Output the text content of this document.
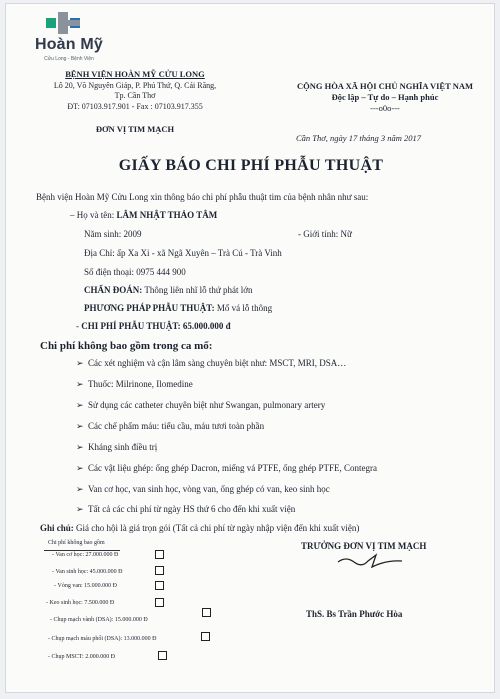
Hoàn Mỹ
Cửu Long - Bệnh Viện
BỆNH VIỆN HOÀN MỸ CỬU LONG
Lô 20, Võ Nguyên Giáp, P. Phú Thứ, Q. Cái Răng,
Tp. Cần Thơ
ĐT: 07103.917.901 - Fax : 07103.917.355
ĐƠN VỊ TIM MẠCH
CỘNG HÒA XÃ HỘI CHỦ NGHĨA VIỆT NAM
Độc lập – Tự do – Hạnh phúc
---o0o---
Cần Thơ, ngày 17 tháng 3 năm 2017
GIẤY BÁO CHI PHÍ PHẪU THUẬT
Bệnh viện Hoàn Mỹ Cửu Long xin thông báo chi phí phẫu thuật tim của bệnh nhân như sau:
– Họ và tên: LÂM NHẬT THẢO TÂM
Năm sinh: 2009	- Giới tính: Nữ
Địa Chỉ: ấp Xa Xi - xã Ngã Xuyên – Trà Cú - Trà Vinh
Số điện thoại: 0975 444 900
CHẨN ĐOÁN: Thông liên nhĩ lỗ thứ phát lớn
PHƯƠNG PHÁP PHẪU THUẬT: Mổ vá lỗ thông
- CHI PHÍ PHẪU THUẬT: 65.000.000 đ
Chi phí không bao gồm trong ca mổ:
➢  Các xét nghiệm và cận lâm sàng chuyên biệt như: MSCT, MRI, DSA…
➢  Thuốc: Milrinone, Ilomedine
➢  Sử dụng các catheter chuyên biệt như Swangan, pulmonary artery
➢  Các chế phẩm máu: tiểu cầu, máu tươi toàn phần
➢  Kháng sinh điều trị
➢  Các vật liệu ghép: ống ghép Dacron, miếng vá PTFE, ống ghép PTFE, Contegra
➢  Van cơ học, van sinh học, vòng van, ống ghép có van, keo sinh học
➢  Tất cả các chi phí từ ngày HS thứ 6 cho đến khi xuất viện
Ghi chú: Giá cho hội là giá trọn gói (Tất cả chi phí từ ngày nhập viện đến khi xuất viện)
TRƯỞNG ĐƠN VỊ TIM MẠCH
ThS. Bs Trần Phước Hòa
Chi phí không bao gồm
- Van cơ học: 27.000.000 Đ
- Van sinh học: 45.000.000 Đ
- Vòng van: 15.000.000 Đ
- Keo sinh học: 7.500.000 Đ
- Chụp mạch vành (DSA): 15.000.000 Đ
- Chụp mạch máu phổi (DSA): 13.000.000 Đ
- Chụp MSCT: 2.000.000 Đ
